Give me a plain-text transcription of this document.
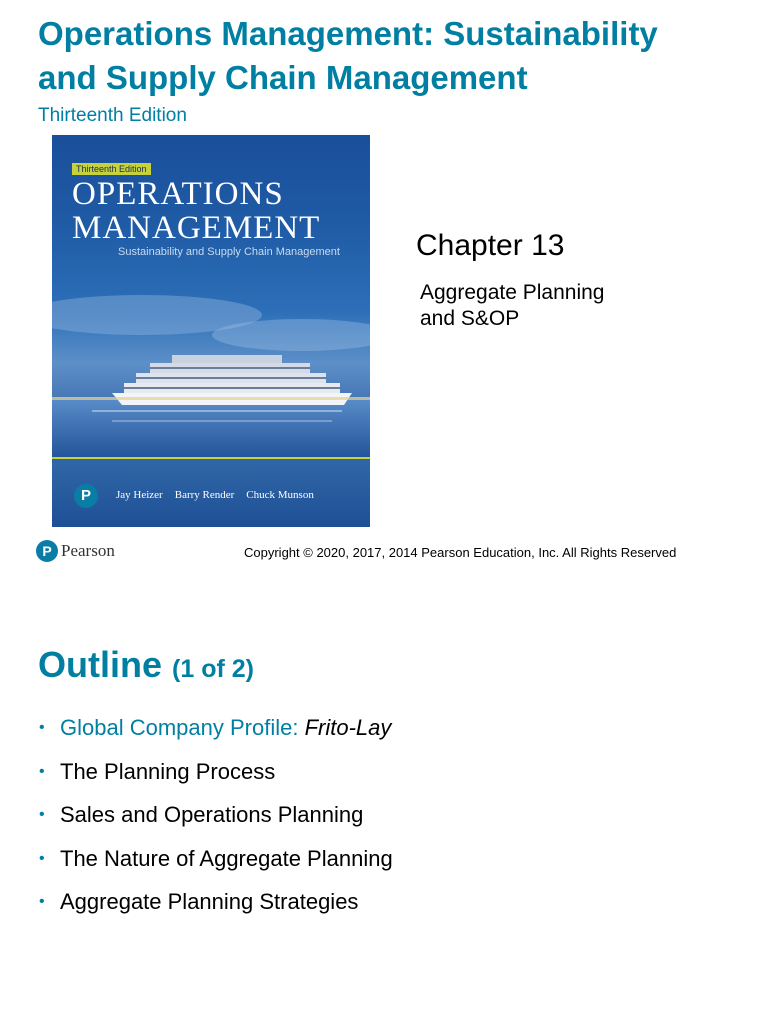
Operations Management: Sustainability
and Supply Chain Management
Thirteenth Edition
Thirteenth Edition
OPERATIONS
MANAGEMENT
Sustainability and Supply Chain Management
P	Jay Heizer Barry Render Chuck Munson
Chapter 13
Aggregate Planning
and S&OP
P Pearson	Copyright © 2020, 2017, 2014 Pearson Education, Inc. All Rights Reserved
Outline (1 of 2)
• Global Company Profile: Frito-Lay
• The Planning Process
• Sales and Operations Planning
• The Nature of Aggregate Planning
• Aggregate Planning Strategies
